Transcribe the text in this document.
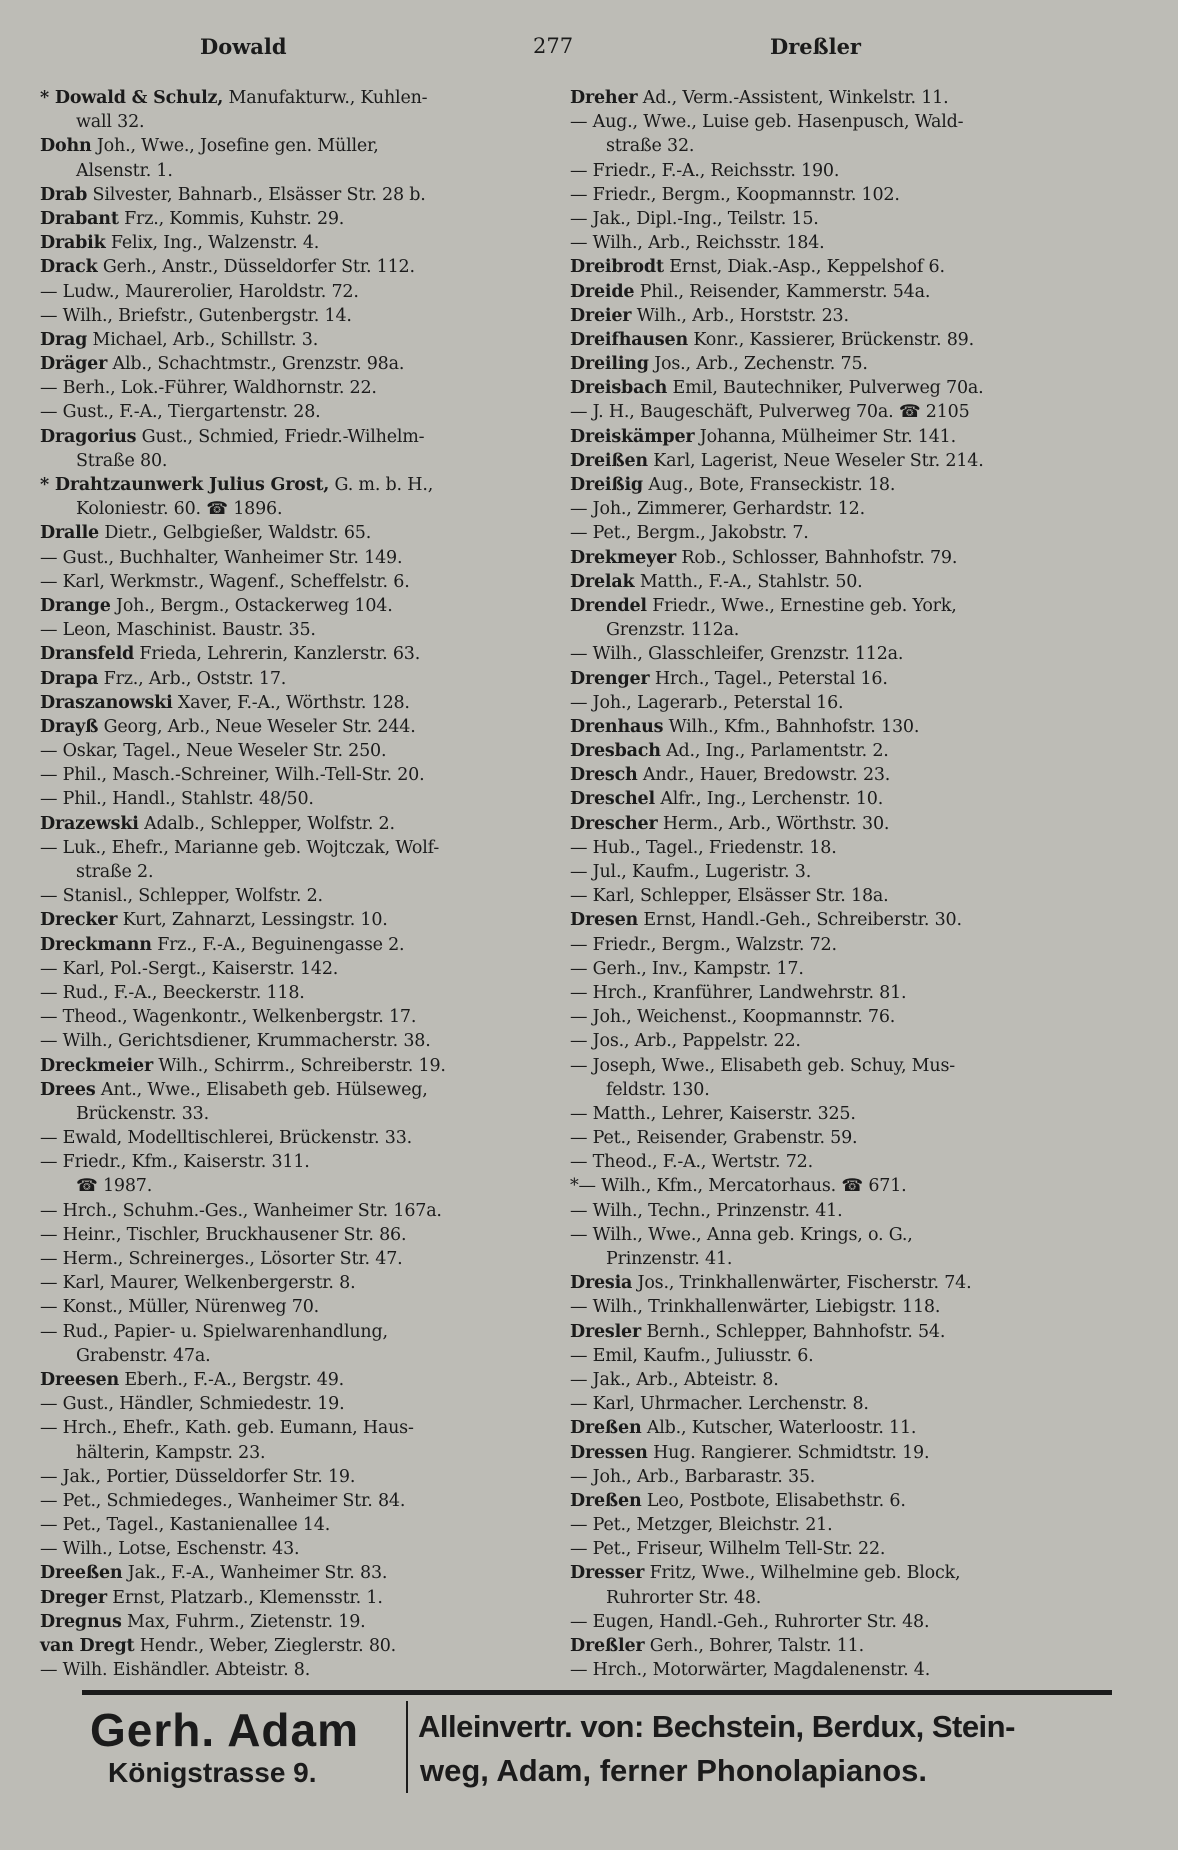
Dowald	277	Dreßler
* Dowald & Schulz, Manufakturw., Kuhlen-
wall 32.
Dohn Joh., Wwe., Josefine gen. Müller,
Alsenstr. 1.
Drab Silvester, Bahnarb., Elsässer Str. 28 b.
Drabant Frz., Kommis, Kuhstr. 29.
Drabik Felix, Ing., Walzenstr. 4.
Drack Gerh., Anstr., Düsseldorfer Str. 112.
— Ludw., Maurerolier, Haroldstr. 72.
— Wilh., Briefstr., Gutenbergstr. 14.
Drag Michael, Arb., Schillstr. 3.
Dräger Alb., Schachtmstr., Grenzstr. 98a.
— Berh., Lok.-Führer, Waldhornstr. 22.
— Gust., F.-A., Tiergartenstr. 28.
Dragorius Gust., Schmied, Friedr.-Wilhelm-
Straße 80.
* Drahtzaunwerk Julius Grost, G. m. b. H.,
Koloniestr. 60. ☎ 1896.
Dralle Dietr., Gelbgießer, Waldstr. 65.
— Gust., Buchhalter, Wanheimer Str. 149.
— Karl, Werkmstr., Wagenf., Scheffelstr. 6.
Drange Joh., Bergm., Ostackerweg 104.
— Leon, Maschinist. Baustr. 35.
Dransfeld Frieda, Lehrerin, Kanzlerstr. 63.
Drapa Frz., Arb., Oststr. 17.
Draszanowski Xaver, F.-A., Wörthstr. 128.
Drayß Georg, Arb., Neue Weseler Str. 244.
— Oskar, Tagel., Neue Weseler Str. 250.
— Phil., Masch.-Schreiner, Wilh.-Tell-Str. 20.
— Phil., Handl., Stahlstr. 48/50.
Drazewski Adalb., Schlepper, Wolfstr. 2.
— Luk., Ehefr., Marianne geb. Wojtczak, Wolf-
straße 2.
— Stanisl., Schlepper, Wolfstr. 2.
Drecker Kurt, Zahnarzt, Lessingstr. 10.
Dreckmann Frz., F.-A., Beguinengasse 2.
— Karl, Pol.-Sergt., Kaiserstr. 142.
— Rud., F.-A., Beeckerstr. 118.
— Theod., Wagenkontr., Welkenbergstr. 17.
— Wilh., Gerichtsdiener, Krummacherstr. 38.
Dreckmeier Wilh., Schirrm., Schreiberstr. 19.
Drees Ant., Wwe., Elisabeth geb. Hülseweg,
Brückenstr. 33.
— Ewald, Modelltischlerei, Brückenstr. 33.
— Friedr., Kfm., Kaiserstr. 311.
☎ 1987.
— Hrch., Schuhm.-Ges., Wanheimer Str. 167a.
— Heinr., Tischler, Bruckhausener Str. 86.
— Herm., Schreinerges., Lösorter Str. 47.
— Karl, Maurer, Welkenbergerstr. 8.
— Konst., Müller, Nürenweg 70.
— Rud., Papier- u. Spielwarenhandlung,
Grabenstr. 47a.
Dreesen Eberh., F.-A., Bergstr. 49.
— Gust., Händler, Schmiedestr. 19.
— Hrch., Ehefr., Kath. geb. Eumann, Haus-
hälterin, Kampstr. 23.
— Jak., Portier, Düsseldorfer Str. 19.
— Pet., Schmiedeges., Wanheimer Str. 84.
— Pet., Tagel., Kastanienallee 14.
— Wilh., Lotse, Eschenstr. 43.
Dreeßen Jak., F.-A., Wanheimer Str. 83.
Dreger Ernst, Platzarb., Klemensstr. 1.
Dregnus Max, Fuhrm., Zietenstr. 19.
van Dregt Hendr., Weber, Zieglerstr. 80.
— Wilh. Eishändler. Abteistr. 8.
Dreher Ad., Verm.-Assistent, Winkelstr. 11.
— Aug., Wwe., Luise geb. Hasenpusch, Wald-
straße 32.
— Friedr., F.-A., Reichsstr. 190.
— Friedr., Bergm., Koopmannstr. 102.
— Jak., Dipl.-Ing., Teilstr. 15.
— Wilh., Arb., Reichsstr. 184.
Dreibrodt Ernst, Diak.-Asp., Keppelshof 6.
Dreide Phil., Reisender, Kammerstr. 54a.
Dreier Wilh., Arb., Horststr. 23.
Dreifhausen Konr., Kassierer, Brückenstr. 89.
Dreiling Jos., Arb., Zechenstr. 75.
Dreisbach Emil, Bautechniker, Pulverweg 70a.
— J. H., Baugeschäft, Pulverweg 70a. ☎ 2105
Dreiskämper Johanna, Mülheimer Str. 141.
Dreißen Karl, Lagerist, Neue Weseler Str. 214.
Dreißig Aug., Bote, Franseckistr. 18.
— Joh., Zimmerer, Gerhardstr. 12.
— Pet., Bergm., Jakobstr. 7.
Drekmeyer Rob., Schlosser, Bahnhofstr. 79.
Drelak Matth., F.-A., Stahlstr. 50.
Drendel Friedr., Wwe., Ernestine geb. York,
Grenzstr. 112a.
— Wilh., Glasschleifer, Grenzstr. 112a.
Drenger Hrch., Tagel., Peterstal 16.
— Joh., Lagerarb., Peterstal 16.
Drenhaus Wilh., Kfm., Bahnhofstr. 130.
Dresbach Ad., Ing., Parlamentstr. 2.
Dresch Andr., Hauer, Bredowstr. 23.
Dreschel Alfr., Ing., Lerchenstr. 10.
Drescher Herm., Arb., Wörthstr. 30.
— Hub., Tagel., Friedenstr. 18.
— Jul., Kaufm., Lugeristr. 3.
— Karl, Schlepper, Elsässer Str. 18a.
Dresen Ernst, Handl.-Geh., Schreiberstr. 30.
— Friedr., Bergm., Walzstr. 72.
— Gerh., Inv., Kampstr. 17.
— Hrch., Kranführer, Landwehrstr. 81.
— Joh., Weichenst., Koopmannstr. 76.
— Jos., Arb., Pappelstr. 22.
— Joseph, Wwe., Elisabeth geb. Schuy, Mus-
feldstr. 130.
— Matth., Lehrer, Kaiserstr. 325.
— Pet., Reisender, Grabenstr. 59.
— Theod., F.-A., Wertstr. 72.
*— Wilh., Kfm., Mercatorhaus. ☎ 671.
— Wilh., Techn., Prinzenstr. 41.
— Wilh., Wwe., Anna geb. Krings, o. G.,
Prinzenstr. 41.
Dresia Jos., Trinkhallenwärter, Fischerstr. 74.
— Wilh., Trinkhallenwärter, Liebigstr. 118.
Dresler Bernh., Schlepper, Bahnhofstr. 54.
— Emil, Kaufm., Juliusstr. 6.
— Jak., Arb., Abteistr. 8.
— Karl, Uhrmacher. Lerchenstr. 8.
Dreßen Alb., Kutscher, Waterloostr. 11.
Dressen Hug. Rangierer. Schmidtstr. 19.
— Joh., Arb., Barbarastr. 35.
Dreßen Leo, Postbote, Elisabethstr. 6.
— Pet., Metzger, Bleichstr. 21.
— Pet., Friseur, Wilhelm Tell-Str. 22.
Dresser Fritz, Wwe., Wilhelmine geb. Block,
Ruhrorter Str. 48.
— Eugen, Handl.-Geh., Ruhrorter Str. 48.
Dreßler Gerh., Bohrer, Talstr. 11.
— Hrch., Motorwärter, Magdalenenstr. 4.
Gerh. Adam
Königstrasse 9.
Alleinvertr. von: Bechstein, Berdux, Stein-
weg, Adam, ferner Phonolapianos.
